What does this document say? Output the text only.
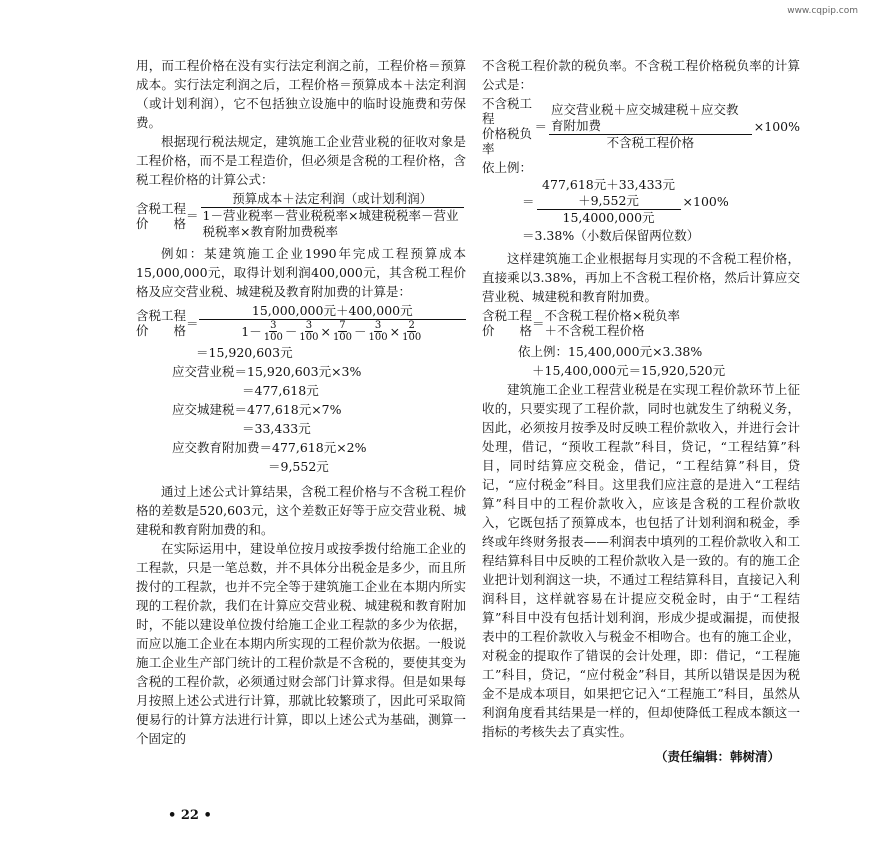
www.cqpip.com

用，而工程价格在没有实行法定利润之前，工程价格＝预算成本。实行法定利润之后，工程价格＝预算成本＋法定利润（或计划利润），它不包括独立设施中的临时设施费和劳保费。

根据现行税法规定，建筑施工企业营业税的征收对象是工程价格，而不是工程造价，但必须是含税的工程价格，含税工程价格的计算公式：

含税工程
价　　格 ＝
预算成本＋法定利润（或计划利润）
1－营业税率－营业税税率×城建税税率－营业税税率×教育附加费税率

例如：某建筑施工企业1990年完成工程预算成本15,000,000元，取得计划利润400,000元，其含税工程价格及应交营业税、城建税及教育附加费的计算是：

含税工程
价　　格 ＝
15,000,000元＋400,000元
1－ 3
$100 - \frac{3}{100} \times \frac{7}{100} - \frac{3}{100} \times \frac{2}{100}$
＝15,920,603元
应交营业税＝15,920,603元×3%
＝477,618元
应交城建税＝477,618元×7%
＝33,433元
应交教育附加费＝477,618元×2%
＝9,552元

通过上述公式计算结果，含税工程价格与不含税工程价格的差数是520,603元，这个差数正好等于应交营业税、城建税和教育附加费的和。

在实际运用中，建设单位按月或按季拨付给施工企业的工程款，只是一笔总数，并不具体分出税金是多少，而且所拨付的工程款，也并不完全等于建筑施工企业在本期内所实现的工程价款，我们在计算应交营业税、城建税和教育附加时，不能以建设单位拨付给施工企业工程款的多少为依据，而应以施工企业在本期内所实现的工程价款为依据。一般说施工企业生产部门统计的工程价款是不含税的，要使其变为含税的工程价款，必须通过财会部门计算求得。但是如果每月按照上述公式进行计算，那就比较繁琐了，因此可采取简便易行的计算方法进行计算，即以上述公式为基础，测算一个固定的

不含税工程价款的税负率。不含税工程价格税负率的计算公式是：

不含税工程
价格税负率
＝
应交营业税＋应交城建税＋应交教育附加费
不含税工程价格
×100%

依上例：

＝
477,618元＋33,433元＋9,552元
15,4000,000元
×100%
＝3.38%（小数后保留两位数）

这样建筑施工企业根据每月实现的不含税工程价格，直接乘以3.38%，再加上不含税工程价格，然后计算应交营业税、城建税和教育附加费。

含税工程
价　　格 ＝ 不含税工程价格×税负率
＋不含税工程价格
依上例：15,400,000元×3.38%
＋15,400,000元＝15,920,520元

建筑施工企业工程营业税是在实现工程价款环节上征收的，只要实现了工程价款，同时也就发生了纳税义务，因此，必须按月按季及时反映工程价款收入，并进行会计处理，借记，“预收工程款”科目，贷记，“工程结算”科目，同时结算应交税金，借记，“工程结算”科目，贷记，“应付税金”科目。这里我们应注意的是进入“工程结算”科目中的工程价款收入，应该是含税的工程价款收入，它既包括了预算成本，也包括了计划利润和税金，季终或年终财务报表——利润表中填列的工程价款收入和工程结算科目中反映的工程价款收入是一致的。有的施工企业把计划利润这一块，不通过工程结算科目，直接记入利润科目，这样就容易在计提应交税金时，由于“工程结算”科目中没有包括计划利润，形成少提或漏提，而使报表中的工程价款收入与税金不相吻合。也有的施工企业，对税金的提取作了错误的会计处理，即：借记，“工程施工”科目，贷记，“应付税金”科目，其所以错误是因为税金不是成本项目，如果把它记入“工程施工”科目，虽然从利润角度看其结果是一样的，但却使降低工程成本额这一指标的考核失去了真实性。

（责任编辑：韩树清）
• 22 •
